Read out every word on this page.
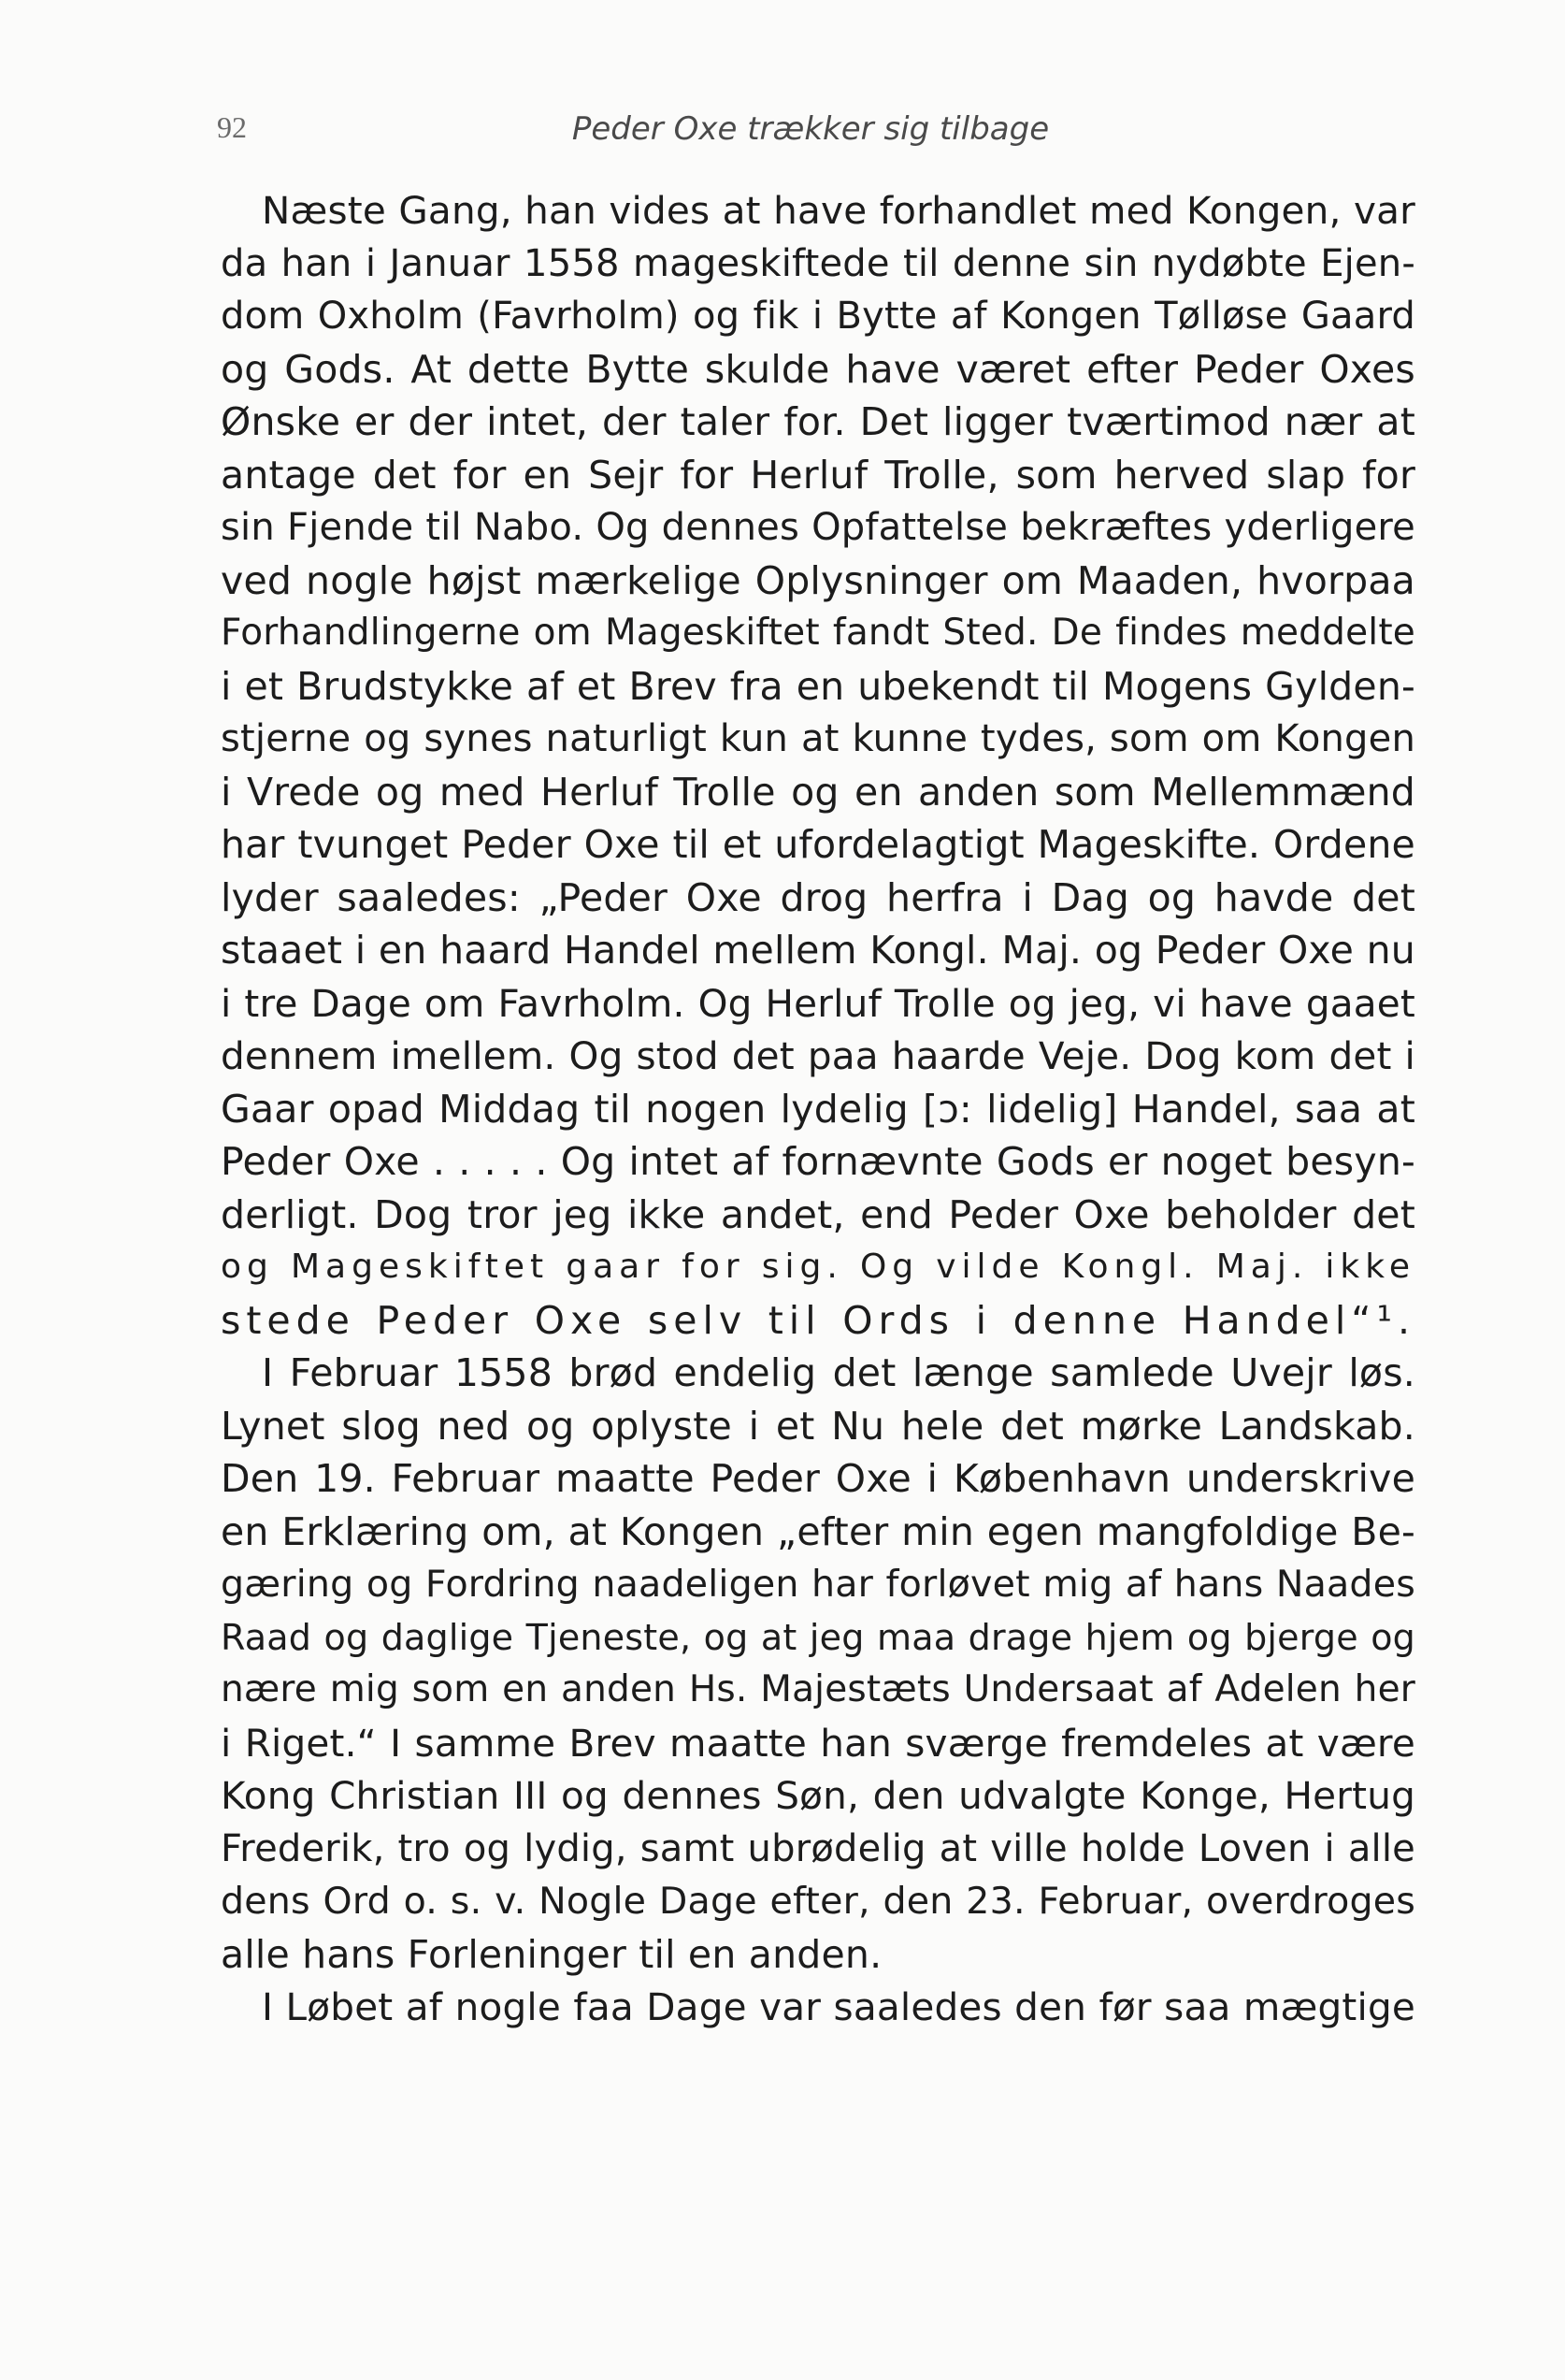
92	Peder Oxe trækker sig tilbage
Næste Gang, han vides at have forhandlet med Kongen, var
da han i Januar 1558 mageskiftede til denne sin nydøbte Ejen-
dom Oxholm (Favrholm) og fik i Bytte af Kongen Tølløse Gaard
og Gods. At dette Bytte skulde have været efter Peder Oxes
Ønske er der intet, der taler for. Det ligger tværtimod nær at
antage det for en Sejr for Herluf Trolle, som herved slap for
sin Fjende til Nabo. Og dennes Opfattelse bekræftes yderligere
ved nogle højst mærkelige Oplysninger om Maaden, hvorpaa
Forhandlingerne om Mageskiftet fandt Sted. De findes meddelte
i et Brudstykke af et Brev fra en ubekendt til Mogens Gylden-
stjerne og synes naturligt kun at kunne tydes, som om Kongen
i Vrede og med Herluf Trolle og en anden som Mellemmænd
har tvunget Peder Oxe til et ufordelagtigt Mageskifte. Ordene
lyder saaledes: „Peder Oxe drog herfra i Dag og havde det
staaet i en haard Handel mellem Kongl. Maj. og Peder Oxe nu
i tre Dage om Favrholm. Og Herluf Trolle og jeg, vi have gaaet
dennem imellem. Og stod det paa haarde Veje. Dog kom det i
Gaar opad Middag til nogen lydelig [ↄ: lidelig] Handel, saa at
Peder Oxe . . . . . Og intet af fornævnte Gods er noget besyn-
derligt. Dog tror jeg ikke andet, end Peder Oxe beholder det
og Mageskiftet gaar for sig. Og vilde Kongl. Maj. ikke
stede Peder Oxe selv til Ords i denne Handel“¹.
I Februar 1558 brød endelig det længe samlede Uvejr løs.
Lynet slog ned og oplyste i et Nu hele det mørke Landskab.
Den 19. Februar maatte Peder Oxe i København underskrive
en Erklæring om, at Kongen „efter min egen mangfoldige Be-
gæring og Fordring naadeligen har forløvet mig af hans Naades
Raad og daglige Tjeneste, og at jeg maa drage hjem og bjerge og
nære mig som en anden Hs. Majestæts Undersaat af Adelen her
i Riget.“ I samme Brev maatte han sværge fremdeles at være
Kong Christian III og dennes Søn, den udvalgte Konge, Hertug
Frederik, tro og lydig, samt ubrødelig at ville holde Loven i alle
dens Ord o. s. v. Nogle Dage efter, den 23. Februar, overdroges
alle hans Forleninger til en anden.
I Løbet af nogle faa Dage var saaledes den før saa mægtige
